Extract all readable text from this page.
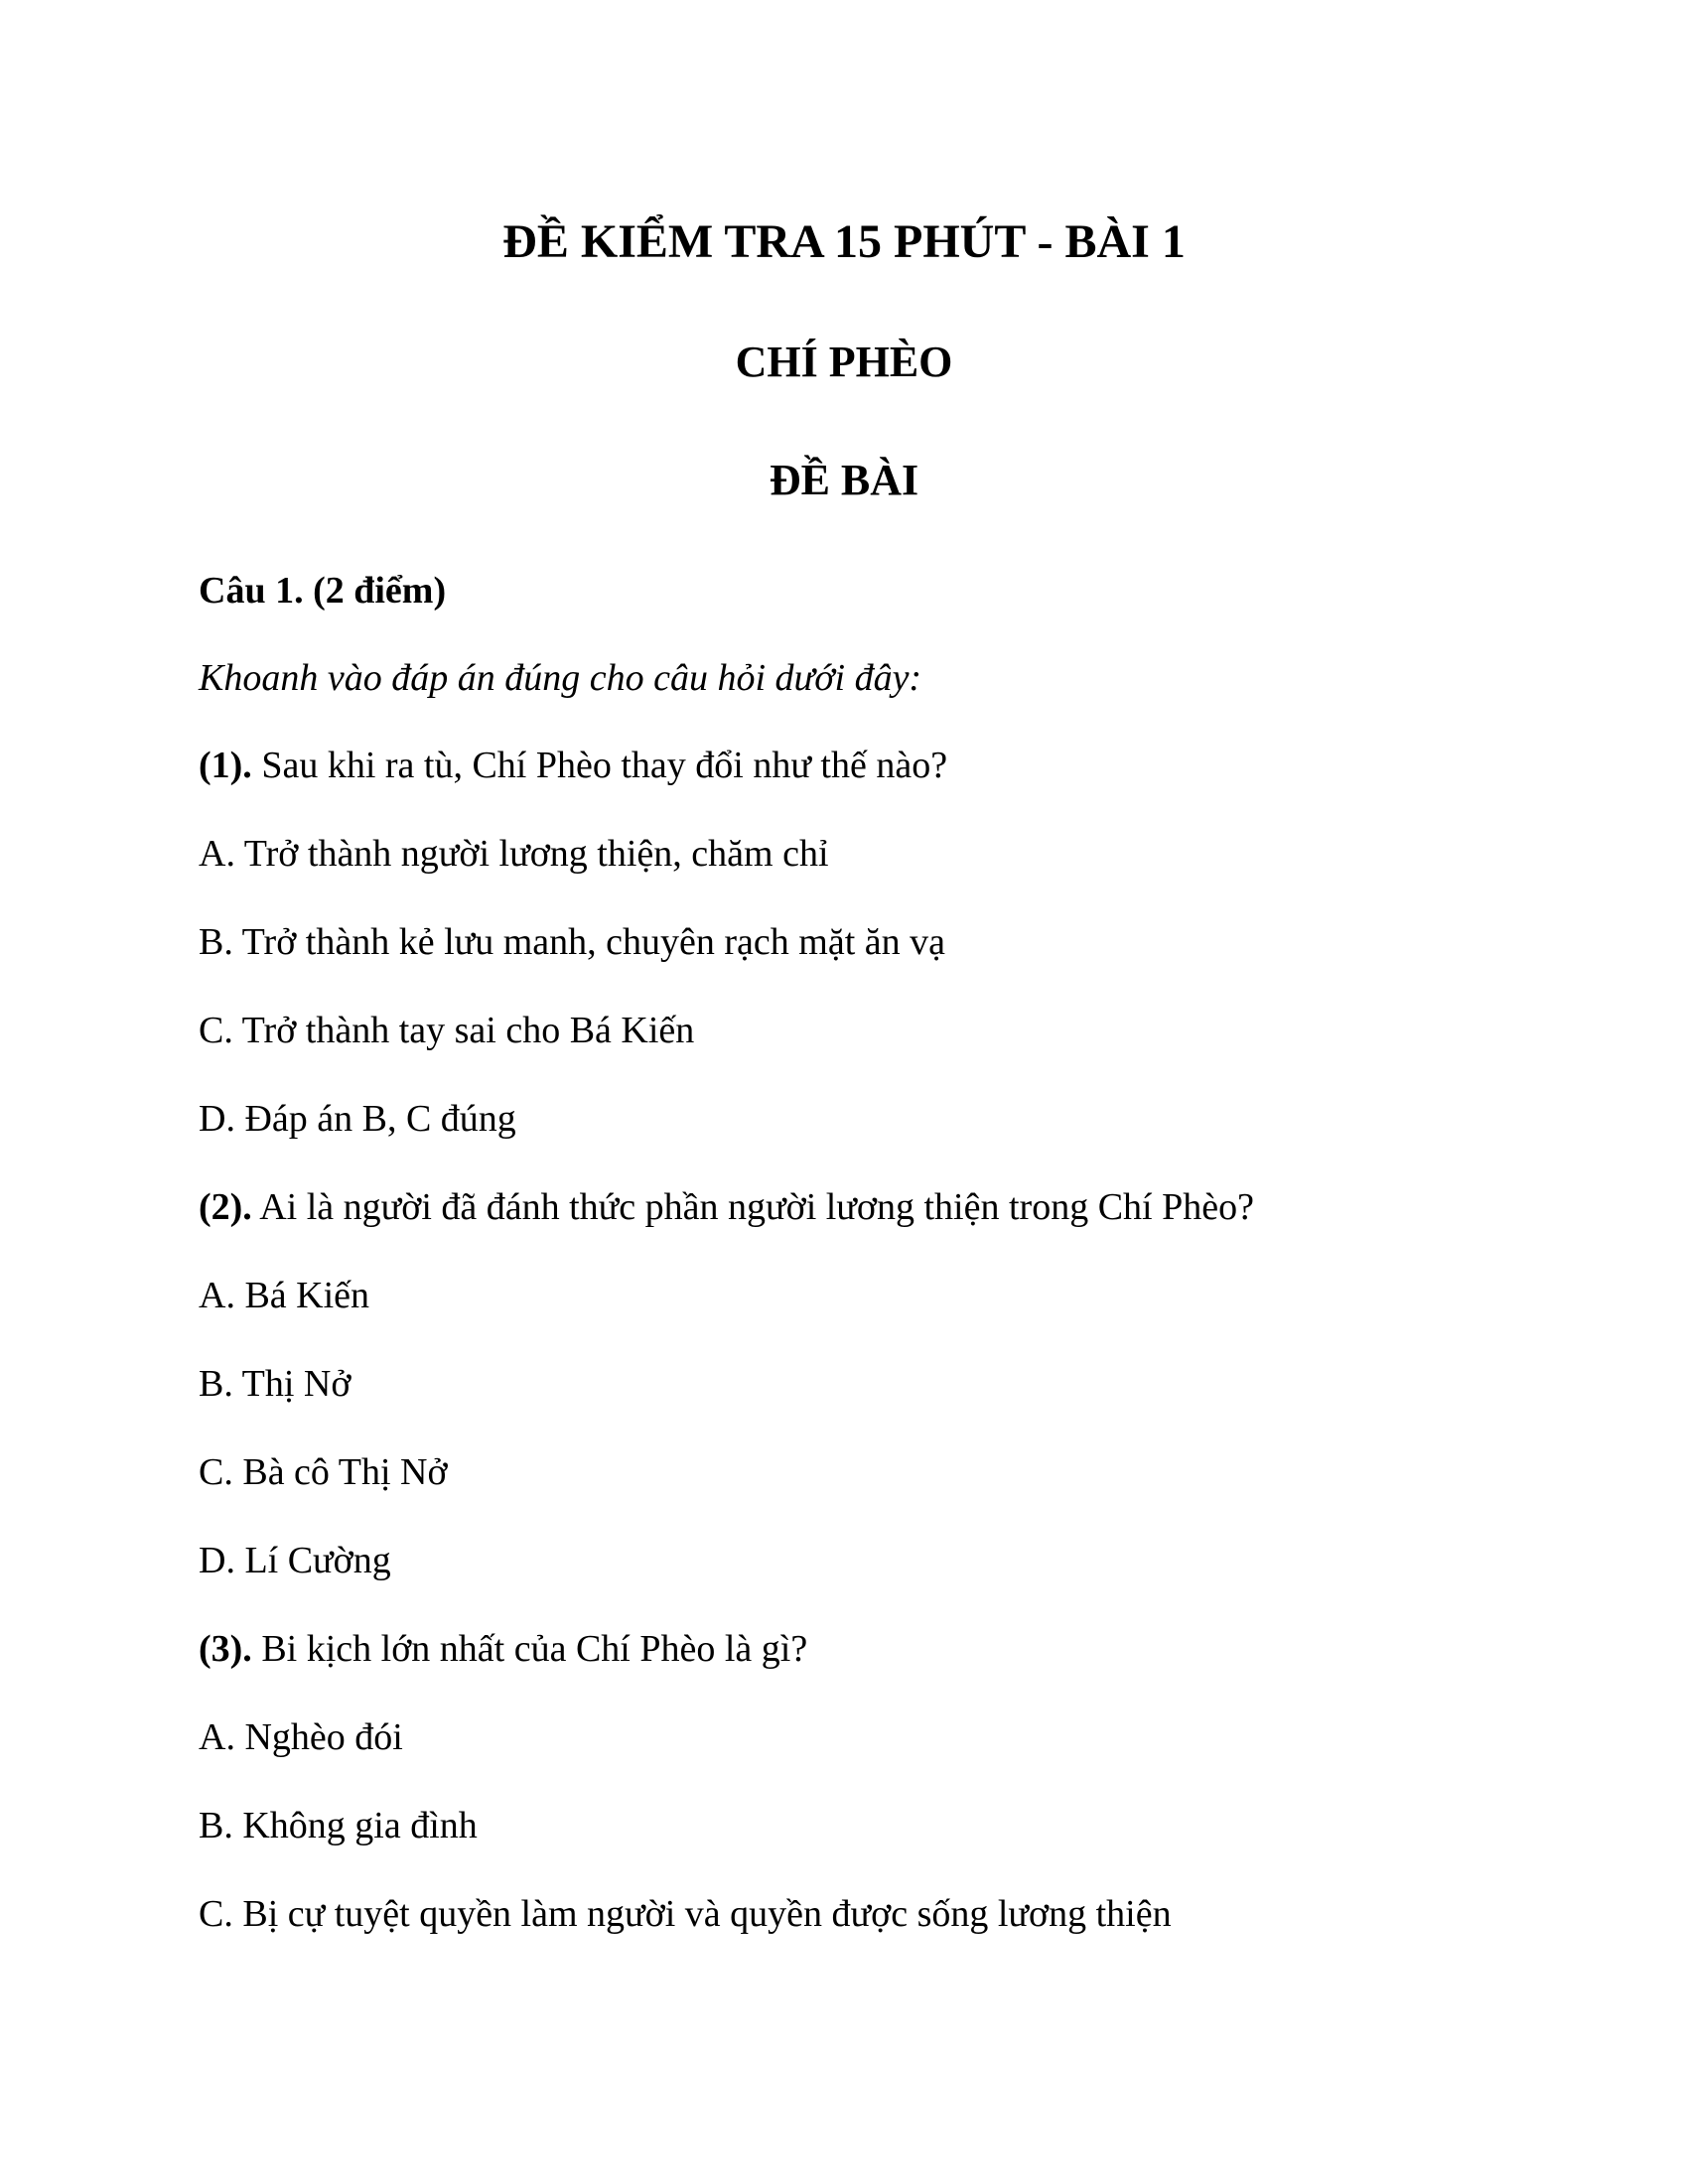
ĐỀ KIỂM TRA 15 PHÚT - BÀI 1
CHÍ PHÈO
ĐỀ BÀI
Câu 1. (2 điểm)
Khoanh vào đáp án đúng cho câu hỏi dưới đây:
(1). Sau khi ra tù, Chí Phèo thay đổi như thế nào?
A. Trở thành người lương thiện, chăm chỉ
B. Trở thành kẻ lưu manh, chuyên rạch mặt ăn vạ
C. Trở thành tay sai cho Bá Kiến
D. Đáp án B, C đúng
(2). Ai là người đã đánh thức phần người lương thiện trong Chí Phèo?
A. Bá Kiến
B. Thị Nở
C. Bà cô Thị Nở
D. Lí Cường
(3). Bi kịch lớn nhất của Chí Phèo là gì?
A. Nghèo đói
B. Không gia đình
C. Bị cự tuyệt quyền làm người và quyền được sống lương thiện
